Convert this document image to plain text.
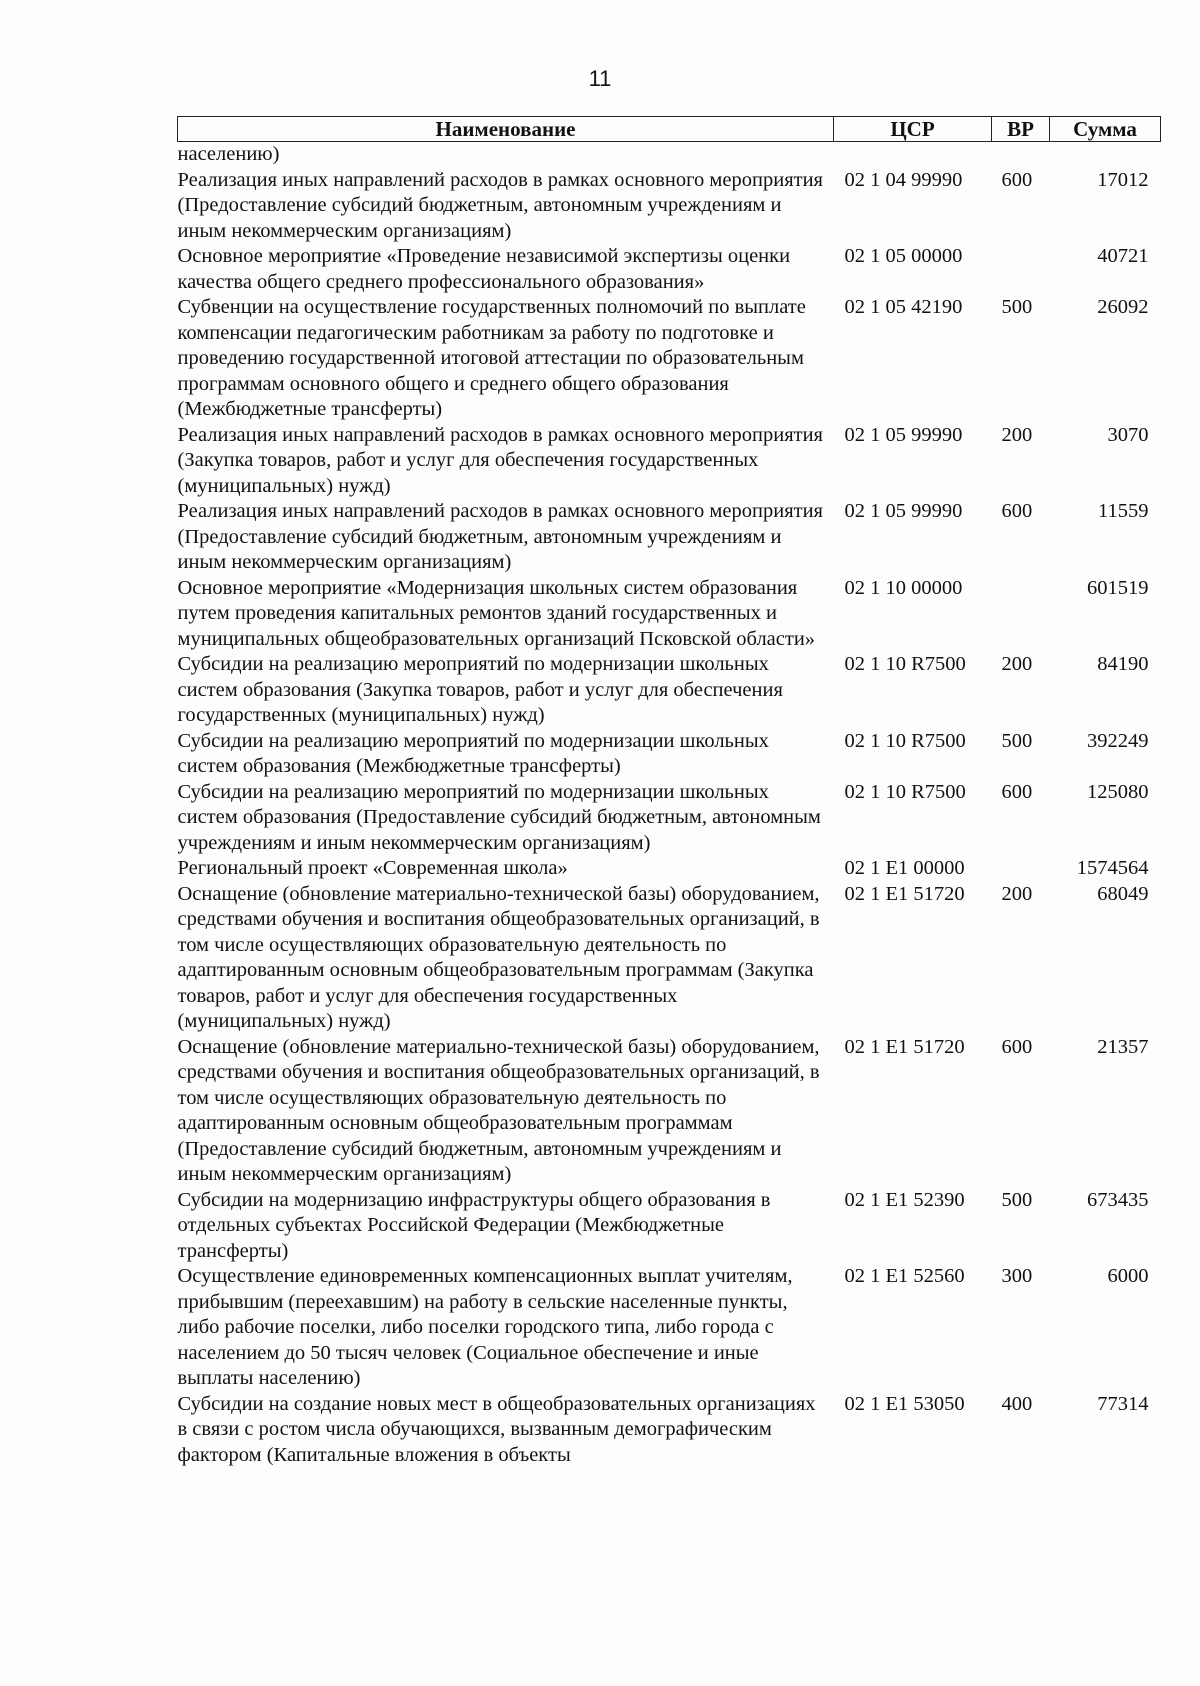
11
Наименование	ЦСР	ВР	Сумма
населению)			
Реализация иных направлений расходов в рамках основного мероприятия (Предоставление субсидий бюджетным, автономным учреждениям и иным некоммерческим организациям)	02 1 04 99990	600	17012
Основное мероприятие «Проведение независимой экспертизы оценки качества общего среднего профессионального образования»	02 1 05 00000		40721
Субвенции на осуществление государственных полномочий по выплате компенсации педагогическим работникам за работу по подготовке и проведению государственной итоговой аттестации по образовательным программам основного общего и среднего общего образования (Межбюджетные трансферты)	02 1 05 42190	500	26092
Реализация иных направлений расходов в рамках основного мероприятия (Закупка товаров, работ и услуг для обеспечения государственных (муниципальных) нужд)	02 1 05 99990	200	3070
Реализация иных направлений расходов в рамках основного мероприятия (Предоставление субсидий бюджетным, автономным учреждениям и иным некоммерческим организациям)	02 1 05 99990	600	11559
Основное мероприятие «Модернизация школьных систем образования путем проведения капитальных ремонтов зданий государственных и муниципальных общеобразовательных организаций Псковской области»	02 1 10 00000		601519
Субсидии на реализацию мероприятий по модернизации школьных систем образования (Закупка товаров, работ и услуг для обеспечения государственных (муниципальных) нужд)	02 1 10 R7500	200	84190
Субсидии на реализацию мероприятий по модернизации школьных систем образования (Межбюджетные трансферты)	02 1 10 R7500	500	392249
Субсидии на реализацию мероприятий по модернизации школьных систем образования (Предоставление субсидий бюджетным, автономным учреждениям и иным некоммерческим организациям)	02 1 10 R7500	600	125080
Региональный проект «Современная школа»	02 1 E1 00000		1574564
Оснащение (обновление материально-технической базы) оборудованием, средствами обучения и воспитания общеобразовательных организаций, в том числе осуществляющих образовательную деятельность по адаптированным основным общеобразовательным программам (Закупка товаров, работ и услуг для обеспечения государственных (муниципальных) нужд)	02 1 E1 51720	200	68049
Оснащение (обновление материально-технической базы) оборудованием, средствами обучения и воспитания общеобразовательных организаций, в том числе осуществляющих образовательную деятельность по адаптированным основным общеобразовательным программам (Предоставление субсидий бюджетным, автономным учреждениям и иным некоммерческим организациям)	02 1 E1 51720	600	21357
Субсидии на модернизацию инфраструктуры общего образования в отдельных субъектах Российской Федерации (Межбюджетные трансферты)	02 1 E1 52390	500	673435
Осуществление единовременных компенсационных выплат учителям, прибывшим (переехавшим) на работу в сельские населенные пункты, либо рабочие поселки, либо поселки городского типа, либо города с населением до 50 тысяч человек (Социальное обеспечение и иные выплаты населению)	02 1 E1 52560	300	6000
Субсидии на создание новых мест в общеобразовательных организациях в связи с ростом числа обучающихся, вызванным демографическим фактором (Капитальные вложения в объекты	02 1 E1 53050	400	77314
